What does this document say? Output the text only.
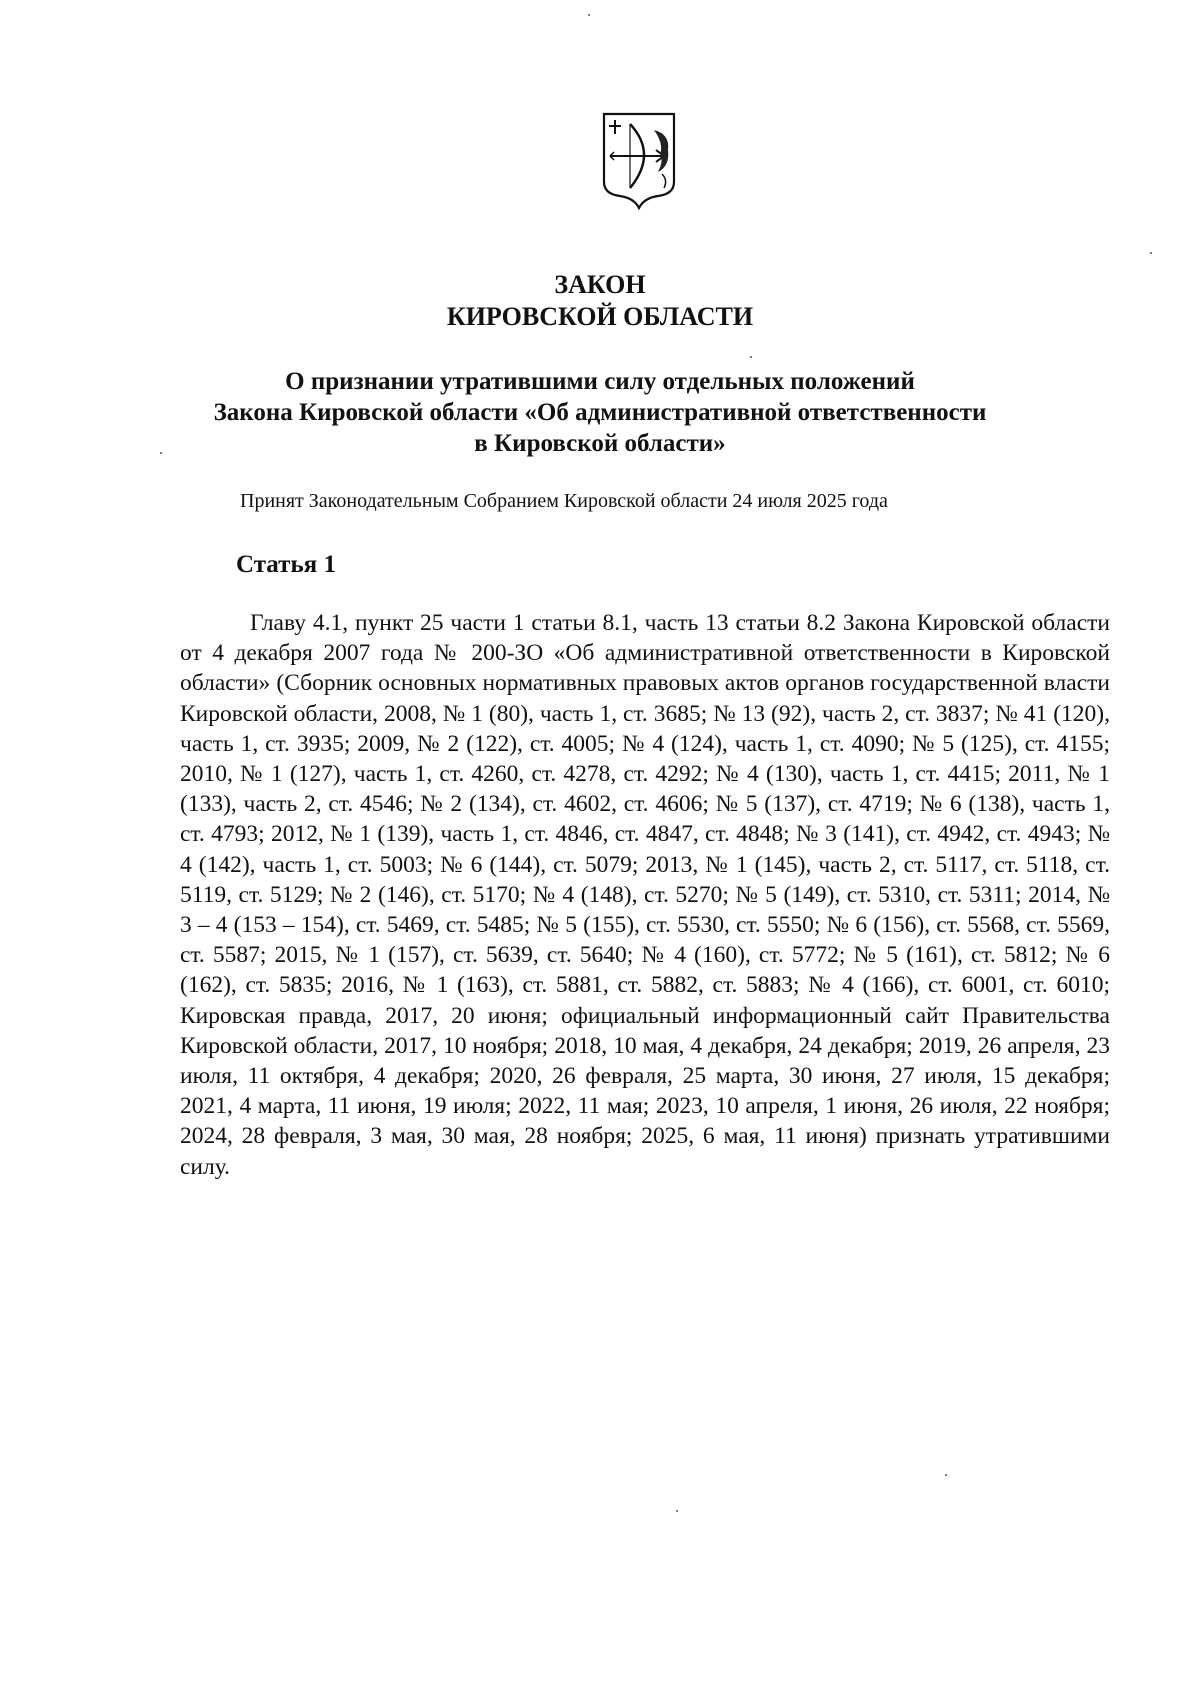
ЗАКОН
КИРОВСКОЙ ОБЛАСТИ
О признании утратившими силу отдельных положений
Закона Кировской области «Об административной ответственности
в Кировской области»
Принят Законодательным Собранием Кировской области 24 июля 2025 года
Статья 1
Главу 4.1, пункт 25 части 1 статьи 8.1, часть 13 статьи 8.2 Закона Кировской области от 4 декабря 2007 года № 200-ЗО «Об административной ответственности в Кировской области» (Сборник основных нормативных правовых актов органов государственной власти Кировской области, 2008, № 1 (80), часть 1, ст. 3685; № 13 (92), часть 2, ст. 3837; № 41 (120), часть 1, ст. 3935; 2009, № 2 (122), ст. 4005; № 4 (124), часть 1, ст. 4090; № 5 (125), ст. 4155; 2010, № 1 (127), часть 1, ст. 4260, ст. 4278, ст. 4292; № 4 (130), часть 1, ст. 4415; 2011, № 1 (133), часть 2, ст. 4546; № 2 (134), ст. 4602, ст. 4606; № 5 (137), ст. 4719; № 6 (138), часть 1, ст. 4793; 2012, № 1 (139), часть 1, ст. 4846, ст. 4847, ст. 4848; № 3 (141), ст. 4942, ст. 4943; № 4 (142), часть 1, ст. 5003; № 6 (144), ст. 5079; 2013, № 1 (145), часть 2, ст. 5117, ст. 5118, ст. 5119, ст. 5129; № 2 (146), ст. 5170; № 4 (148), ст. 5270; № 5 (149), ст. 5310, ст. 5311; 2014, № 3 – 4 (153 – 154), ст. 5469, ст. 5485; № 5 (155), ст. 5530, ст. 5550; № 6 (156), ст. 5568, ст. 5569, ст. 5587; 2015, № 1 (157), ст. 5639, ст. 5640; № 4 (160), ст. 5772; № 5 (161), ст. 5812; № 6 (162), ст. 5835; 2016, № 1 (163), ст. 5881, ст. 5882, ст. 5883; № 4 (166), ст. 6001, ст. 6010; Кировская правда, 2017, 20 июня; официальный информационный сайт Правительства Кировской области, 2017, 10 ноября; 2018, 10 мая, 4 декабря, 24 декабря; 2019, 26 апреля, 23 июля, 11 октября, 4 декабря; 2020, 26 февраля, 25 марта, 30 июня, 27 июля, 15 декабря; 2021, 4 марта, 11 июня, 19 июля; 2022, 11 мая; 2023, 10 апреля, 1 июня, 26 июля, 22 ноября; 2024, 28 февраля, 3 мая, 30 мая, 28 ноября; 2025, 6 мая, 11 июня) признать утратившими силу.
